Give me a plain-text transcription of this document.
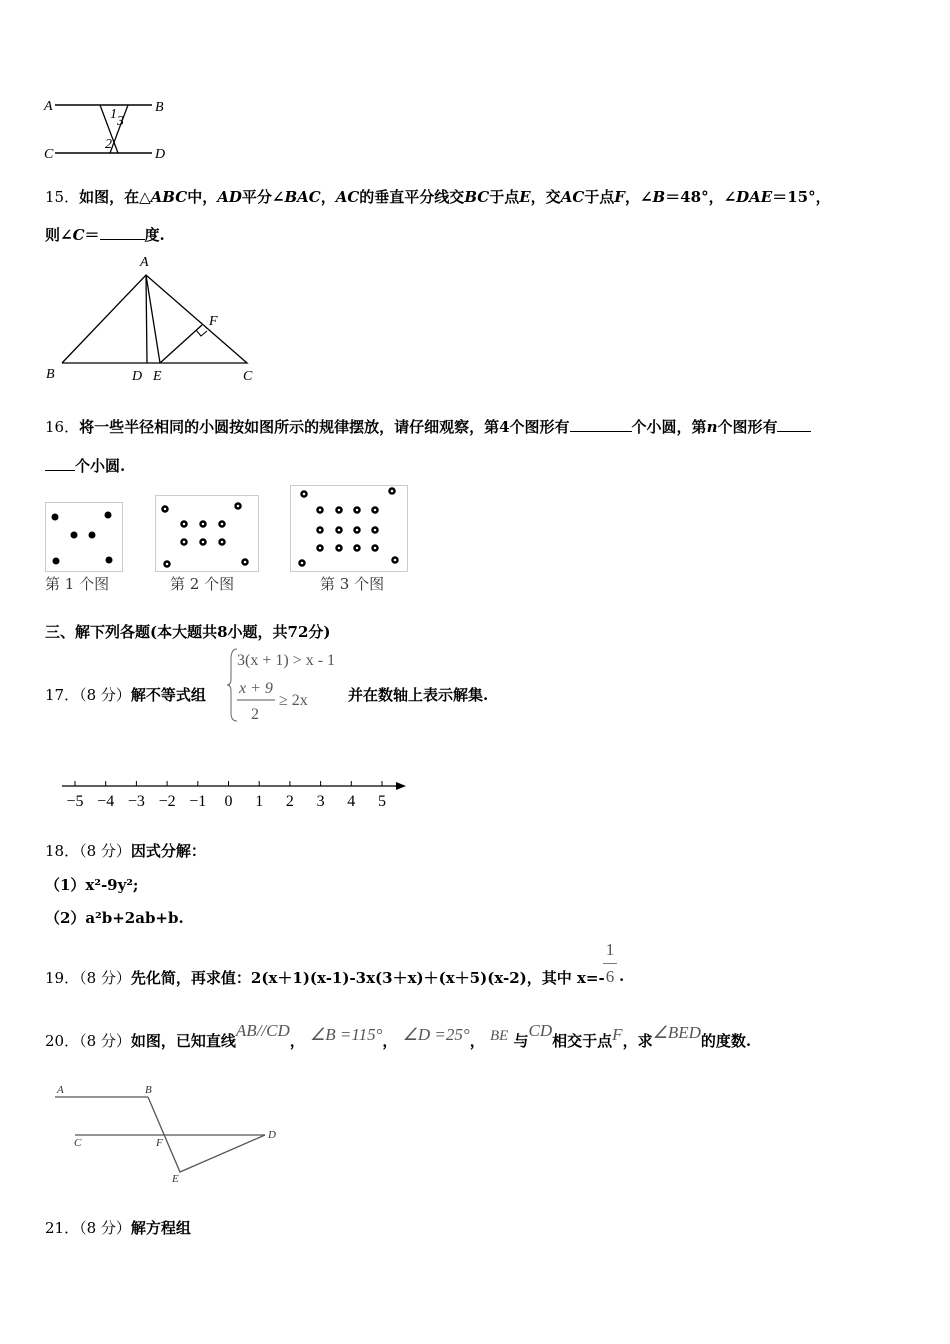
A	B
C	D
1 3
2
15．如图，在△ABC中，AD平分∠BAC，AC的垂直平分线交BC于点E，交AC于点F，∠B＝48°，∠DAE＝15°，
则∠C＝	度.
A
B	D E	C
F
16．将一些半径相同的小圆按如图所示的规律摆放，请仔细观察，第4个图形有	个小圆，第n个图形有
个小圆.
第 1 个图	第 2 个图	第 3 个图
三、解下列各题(本大题共8小题，共72分)
17．（8 分）解不等式组
3(x + 1) > x - 1
x + 9
2
≥ 2x	并在数轴上表示解集.
−5 −4 −3 −2 −1 0 1 2 3 4 5
18．（8 分）因式分解：
（1）x²-9y²;
（2）a²b+2ab+b.
19．（8 分）先化简，再求值：2(x＋1)(x-1)-3x(3＋x)＋(x＋5)(x-2)，其中 x=-
1
6 .
20．（8 分）如图，已知直线AB//CD， ∠B =115°， ∠D =25°， BE 与CD相交于点F，求∠BED的度数.
A	B
C	F
D
E
21．（8 分）解方程组
